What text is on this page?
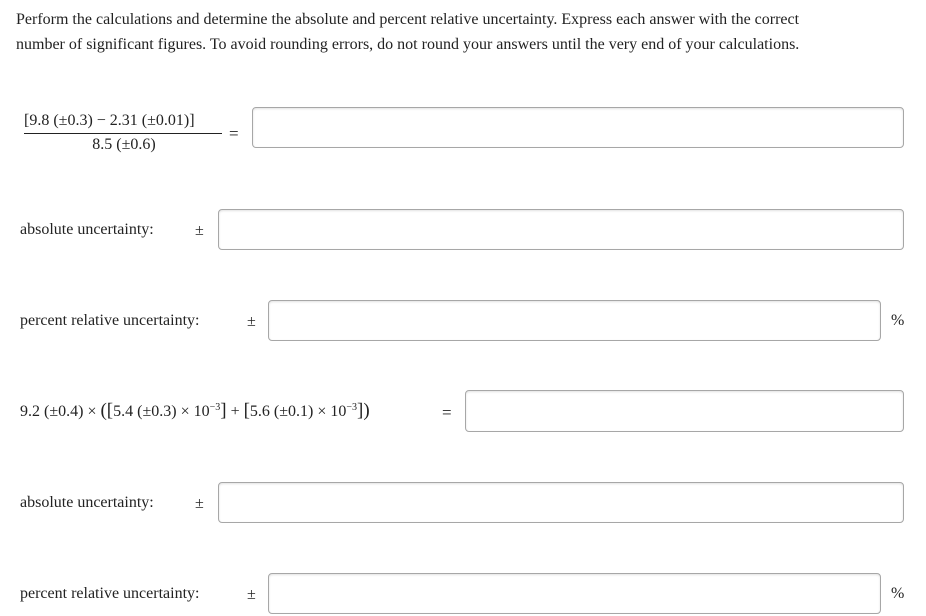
Perform the calculations and determine the absolute and percent relative uncertainty. Express each answer with the correct
number of significant figures. To avoid rounding errors, do not round your answers until the very end of your calculations.
[9.8 (±0.3) − 2.31 (±0.01)]
8.5 (±0.6)
=
absolute uncertainty:	±
percent relative uncertainty:	±	%
9.2 (±0.4) × ([5.4 $(\pm 0.3) \times 10^{-3}] + [5.6$ $(\pm 0.1) \times 10^{-3}$])	=
absolute uncertainty:	±
percent relative uncertainty:	±	%
